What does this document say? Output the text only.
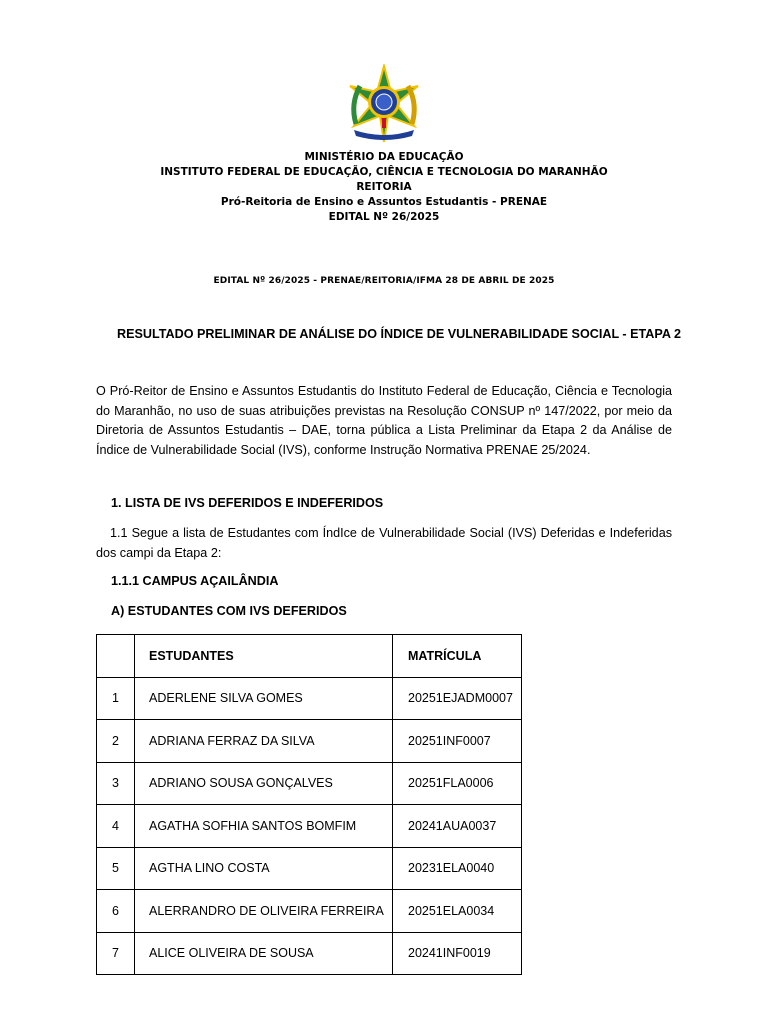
MINISTÉRIO DA EDUCAÇÃO
INSTITUTO FEDERAL DE EDUCAÇÃO, CIÊNCIA E TECNOLOGIA DO MARANHÃO
REITORIA
Pró-Reitoria de Ensino e Assuntos Estudantis - PRENAE
EDITAL Nº 26/2025
EDITAL Nº 26/2025 - PRENAE/REITORIA/IFMA 28 DE ABRIL DE 2025
RESULTADO PRELIMINAR DE ANÁLISE DO ÍNDICE DE VULNERABILIDADE SOCIAL - ETAPA 2
O Pró-Reitor de Ensino e Assuntos Estudantis do Instituto Federal de Educação, Ciência e Tecnologia do Maranhão, no uso de suas atribuições previstas na Resolução CONSUP nº 147/2022, por meio da Diretoria de Assuntos Estudantis – DAE, torna pública a Lista Preliminar da Etapa 2 da Análise de Índice de Vulnerabilidade Social (IVS), conforme Instrução Normativa PRENAE 25/2024.
1. LISTA DE IVS DEFERIDOS E INDEFERIDOS
1.1 Segue a lista de Estudantes com ÍndIce de Vulnerabilidade Social (IVS) Deferidas e Indeferidas dos campi da Etapa 2:
1.1.1 CAMPUS AÇAILÂNDIA
A) ESTUDANTES COM IVS DEFERIDOS
	ESTUDANTES	MATRÍCULA
1	ADERLENE SILVA GOMES	20251EJADM0007
2	ADRIANA FERRAZ DA SILVA	20251INF0007
3	ADRIANO SOUSA GONÇALVES	20251FLA0006
4	AGATHA SOFHIA SANTOS BOMFIM	20241AUA0037
5	AGTHA LINO COSTA	20231ELA0040
6	ALERRANDRO DE OLIVEIRA FERREIRA	20251ELA0034
7	ALICE OLIVEIRA DE SOUSA	20241INF0019
